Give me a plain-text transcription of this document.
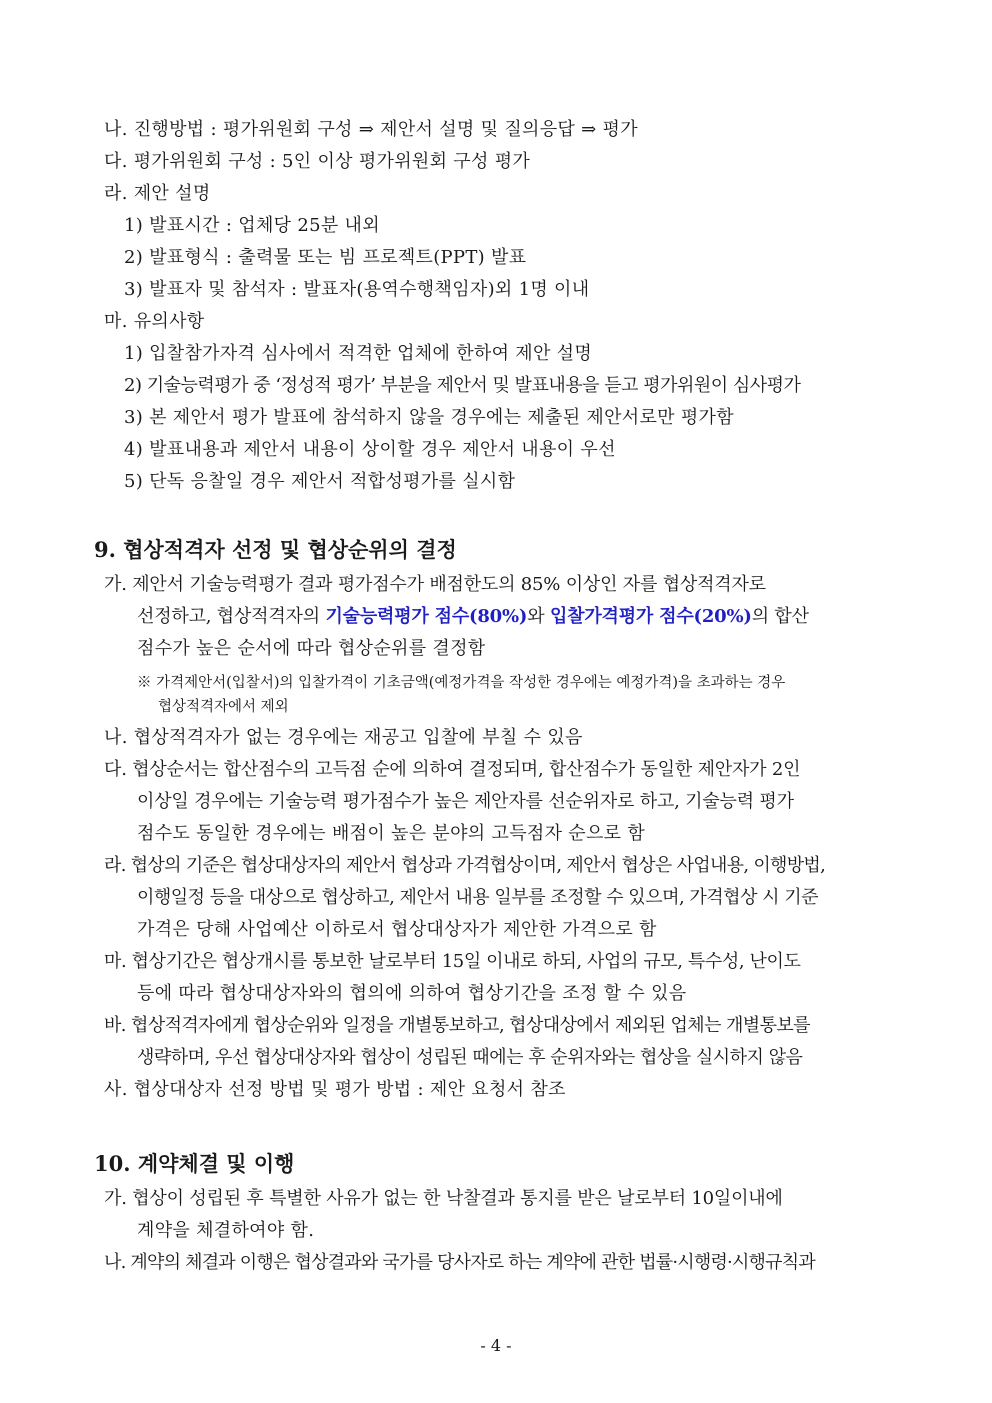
나. 진행방법 : 평가위원회 구성 ⇒ 제안서 설명 및 질의응답 ⇒ 평가
다. 평가위원회 구성 : 5인 이상 평가위원회 구성 평가
라. 제안 설명
1) 발표시간 : 업체당 25분 내외
2) 발표형식 : 출력물 또는 빔 프로젝트(PPT) 발표
3) 발표자 및 참석자 : 발표자(용역수행책임자)외 1명 이내
마. 유의사항
1) 입찰참가자격 심사에서 적격한 업체에 한하여 제안 설명
2) 기술능력평가 중 ‘정성적 평가’ 부분을 제안서 및 발표내용을 듣고 평가위원이 심사평가
3) 본 제안서 평가 발표에 참석하지 않을 경우에는 제출된 제안서로만 평가함
4) 발표내용과 제안서 내용이 상이할 경우 제안서 내용이 우선
5) 단독 응찰일 경우 제안서 적합성평가를 실시함
9. 협상적격자 선정 및 협상순위의 결정
가. 제안서 기술능력평가 결과 평가점수가 배점한도의 85% 이상인 자를 협상적격자로
선정하고, 협상적격자의 기술능력평가 점수(80%)와 입찰가격평가 점수(20%)의 합산
점수가 높은 순서에 따라 협상순위를 결정함
※ 가격제안서(입찰서)의 입찰가격이 기초금액(예정가격을 작성한 경우에는 예정가격)을 초과하는 경우
협상적격자에서 제외
나. 협상적격자가 없는 경우에는 재공고 입찰에 부칠 수 있음
다. 협상순서는 합산점수의 고득점 순에 의하여 결정되며, 합산점수가 동일한 제안자가 2인
이상일 경우에는 기술능력 평가점수가 높은 제안자를 선순위자로 하고, 기술능력 평가
점수도 동일한 경우에는 배점이 높은 분야의 고득점자 순으로 함
라. 협상의 기준은 협상대상자의 제안서 협상과 가격협상이며, 제안서 협상은 사업내용, 이행방법,
이행일정 등을 대상으로 협상하고, 제안서 내용 일부를 조정할 수 있으며, 가격협상 시 기준
가격은 당해 사업예산 이하로서 협상대상자가 제안한 가격으로 함
마. 협상기간은 협상개시를 통보한 날로부터 15일 이내로 하되, 사업의 규모, 특수성, 난이도
등에 따라 협상대상자와의 협의에 의하여 협상기간을 조정 할 수 있음
바. 협상적격자에게 협상순위와 일정을 개별통보하고, 협상대상에서 제외된 업체는 개별통보를
생략하며, 우선 협상대상자와 협상이 성립된 때에는 후 순위자와는 협상을 실시하지 않음
사. 협상대상자 선정 방법 및 평가 방법 : 제안 요청서 참조
10. 계약체결 및 이행
가. 협상이 성립된 후 특별한 사유가 없는 한 낙찰결과 통지를 받은 날로부터 10일이내에
계약을 체결하여야 함.
나. 계약의 체결과 이행은 협상결과와 국가를 당사자로 하는 계약에 관한 법률·시행령·시행규칙과
- 4 -
